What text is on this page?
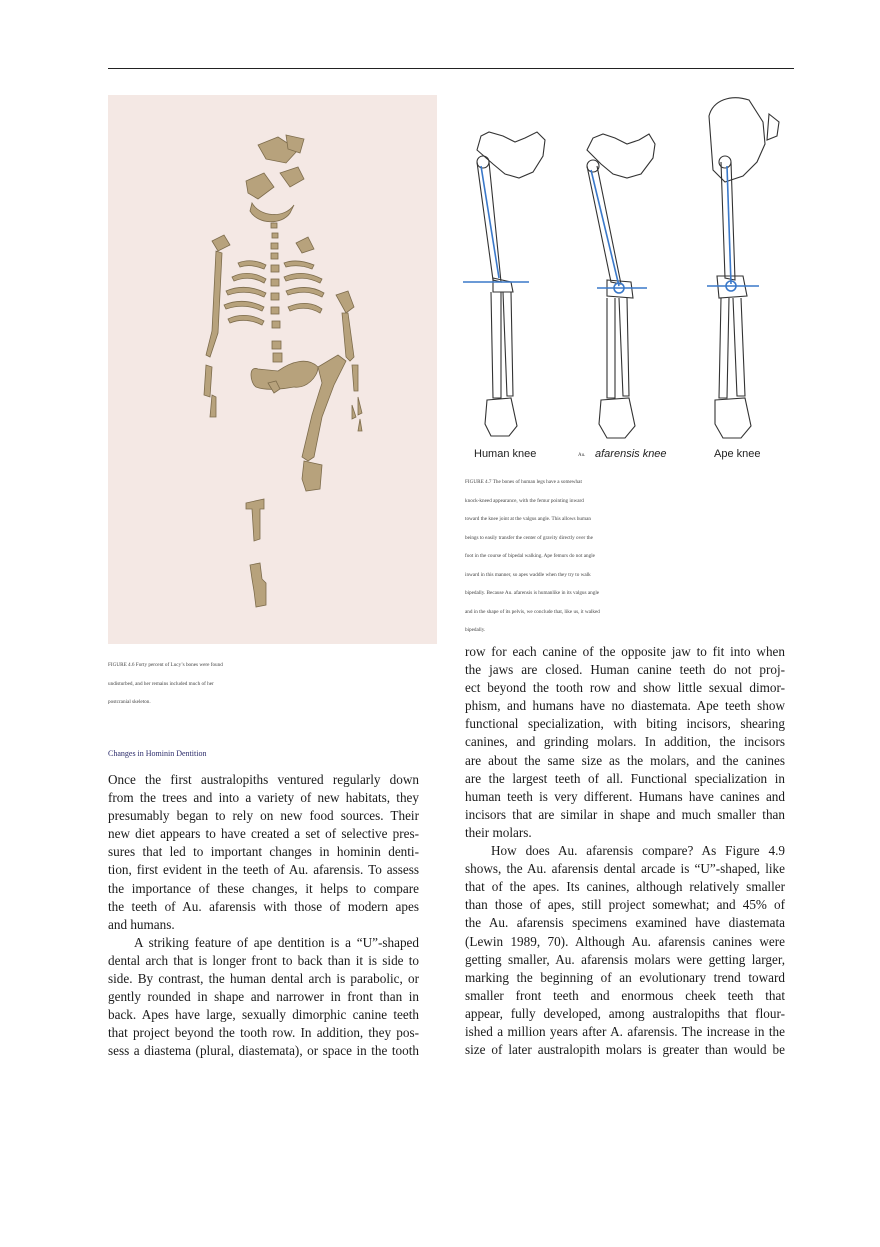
Human knee	Au. afarensis knee	Ape knee

FIGURE 4.7 The bones of human legs have a somewhat

knock-kneed appearance, with the femur pointing inward

toward the knee joint at the valgus angle. This allows human

beings to easily transfer the center of gravity directly over the

foot in the course of bipedal walking. Ape femurs do not angle

inward in this manner, so apes waddle when they try to walk

bipedally. Because Au. afarensis is humanlike in its valgus angle

and in the shape of its pelvis, we conclude that, like us, it walked

bipedally.

FIGURE 4.6 Forty percent of Lucy’s bones were found

undisturbed, and her remains included much of her

postcranial skeleton.

Changes in Hominin Dentition
Once the first australopiths ventured regularly down
from the trees and into a variety of new habitats, they
presumably began to rely on new food sources. Their
new diet appears to have created a set of selective pres-
sures that led to important changes in hominin denti-
tion, first evident in the teeth of Au. afarensis. To assess
the importance of these changes, it helps to compare
the teeth of Au. afarensis with those of modern apes
and humans.
A striking feature of ape dentition is a “U”-shaped
dental arch that is longer front to back than it is side to
side. By contrast, the human dental arch is parabolic, or
gently rounded in shape and narrower in front than in
back. Apes have large, sexually dimorphic canine teeth
that project beyond the tooth row. In addition, they pos-
sess a diastema (plural, diastemata), or space in the tooth
row for each canine of the opposite jaw to fit into when
the jaws are closed. Human canine teeth do not proj-
ect beyond the tooth row and show little sexual dimor-
phism, and humans have no diastemata. Ape teeth show
functional specialization, with biting incisors, shearing
canines, and grinding molars. In addition, the incisors
are about the same size as the molars, and the canines
are the largest teeth of all. Functional specialization in
human teeth is very different. Humans have canines and
incisors that are similar in shape and much smaller than
their molars.
How does Au. afarensis compare? As Figure 4.9
shows, the Au. afarensis dental arcade is “U”-shaped, like
that of the apes. Its canines, although relatively smaller
than those of apes, still project somewhat; and 45% of
the Au. afarensis specimens examined have diastemata
(Lewin 1989, 70). Although Au. afarensis canines were
getting smaller, Au. afarensis molars were getting larger,
marking the beginning of an evolutionary trend toward
smaller front teeth and enormous cheek teeth that
appear, fully developed, among australopiths that flour-
ished a million years after A. afarensis. The increase in the
size of later australopith molars is greater than would be
